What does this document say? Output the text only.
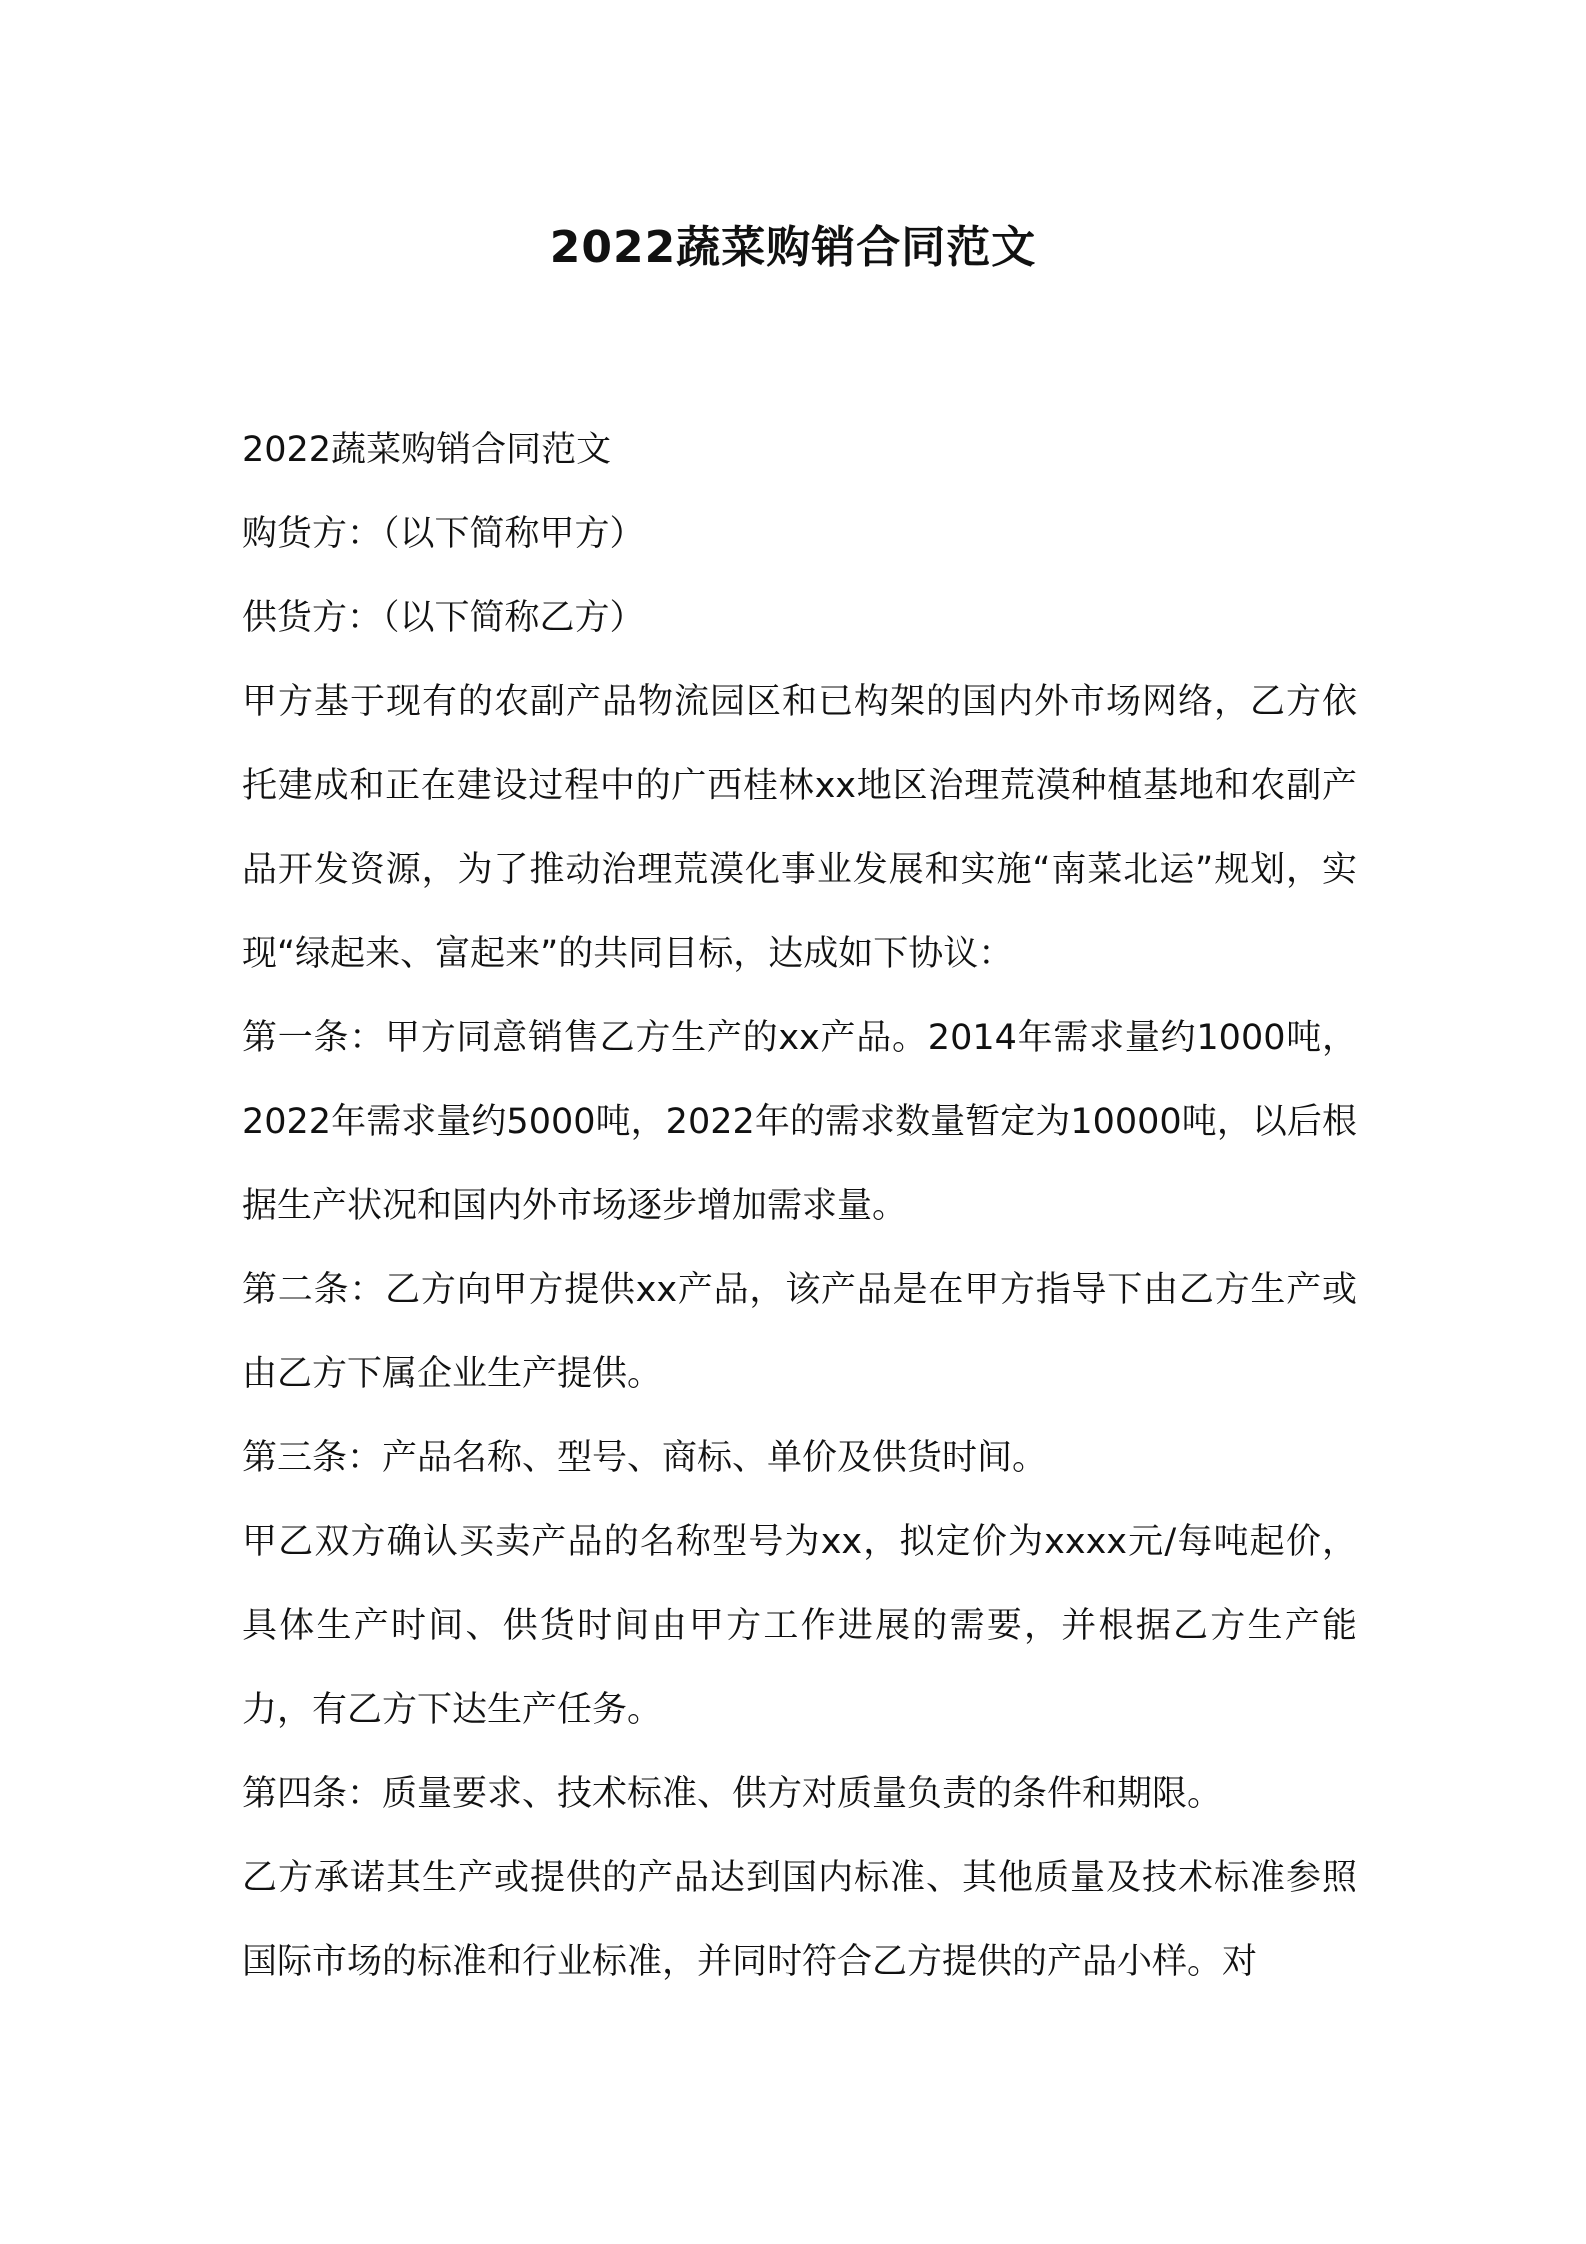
2022蔬菜购销合同范文

2022蔬菜购销合同范文

购货方：（以下简称甲方）

供货方：（以下简称乙方）

甲方基于现有的农副产品物流园区和已构架的国内外市场网络，乙方依托建成和正在建设过程中的广西桂林xx地区治理荒漠种植基地和农副产品开发资源，为了推动治理荒漠化事业发展和实施“南菜北运”规划，实现“绿起来、富起来”的共同目标，达成如下协议：

第一条：甲方同意销售乙方生产的xx产品。2014年需求量约1000吨，2022年需求量约5000吨，2022年的需求数量暂定为10000吨，以后根据生产状况和国内外市场逐步增加需求量。

第二条：乙方向甲方提供xx产品，该产品是在甲方指导下由乙方生产或由乙方下属企业生产提供。

第三条：产品名称、型号、商标、单价及供货时间。

甲乙双方确认买卖产品的名称型号为xx，拟定价为xxxx元/每吨起价，具体生产时间、供货时间由甲方工作进展的需要，并根据乙方生产能力，有乙方下达生产任务。

第四条：质量要求、技术标准、供方对质量负责的条件和期限。

乙方承诺其生产或提供的产品达到国内标准、其他质量及技术标准参照国际市场的标准和行业标准，并同时符合乙方提供的产品小样。对
